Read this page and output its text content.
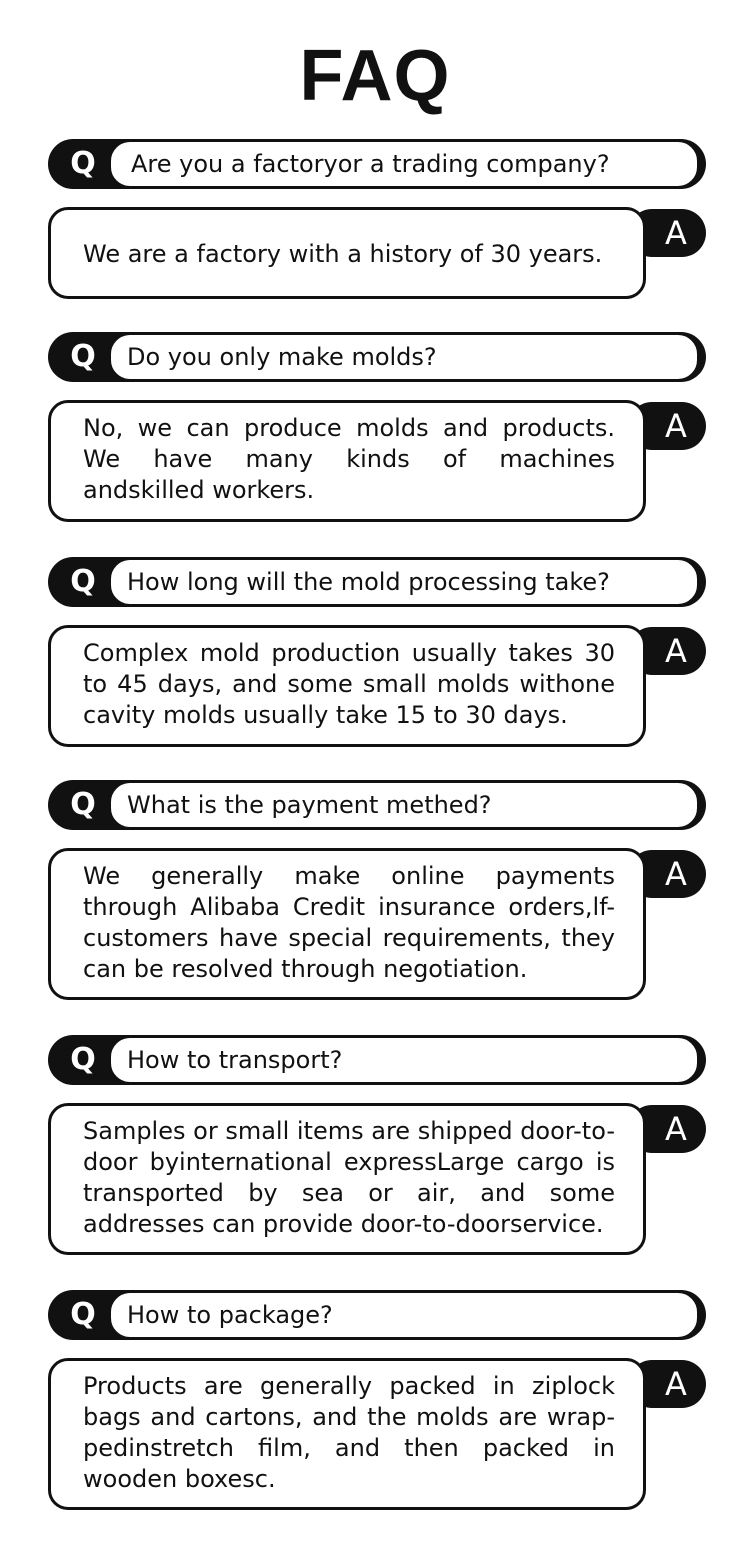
FAQ
Q Are you a factoryor a trading company?
A
We are a factory with a history of 30 years.
Q Do you only make molds?
A
No, we can produce molds and products. We have many kinds of machines andskilled workers.
Q How long will the mold processing take?
A
Complex mold production usually takes 30 to 45 days, and some small molds withone cavity molds usually take 15 to 30 days.
Q What is the payment methed?
A
We generally make online payments through Alibaba Credit insurance orders,lf-customers have special requirements, they can be resolved through negotiation.
Q How to transport?
A
Samples or small items are shipped door-to-door byinternational expressLarge cargo is transported by sea or air, and some addresses can provide door-to-doorservice.
Q How to package?
A
Products are generally packed in ziplock bags and cartons, and the molds are wrap-pedinstretch film, and then packed in wooden boxesc.
